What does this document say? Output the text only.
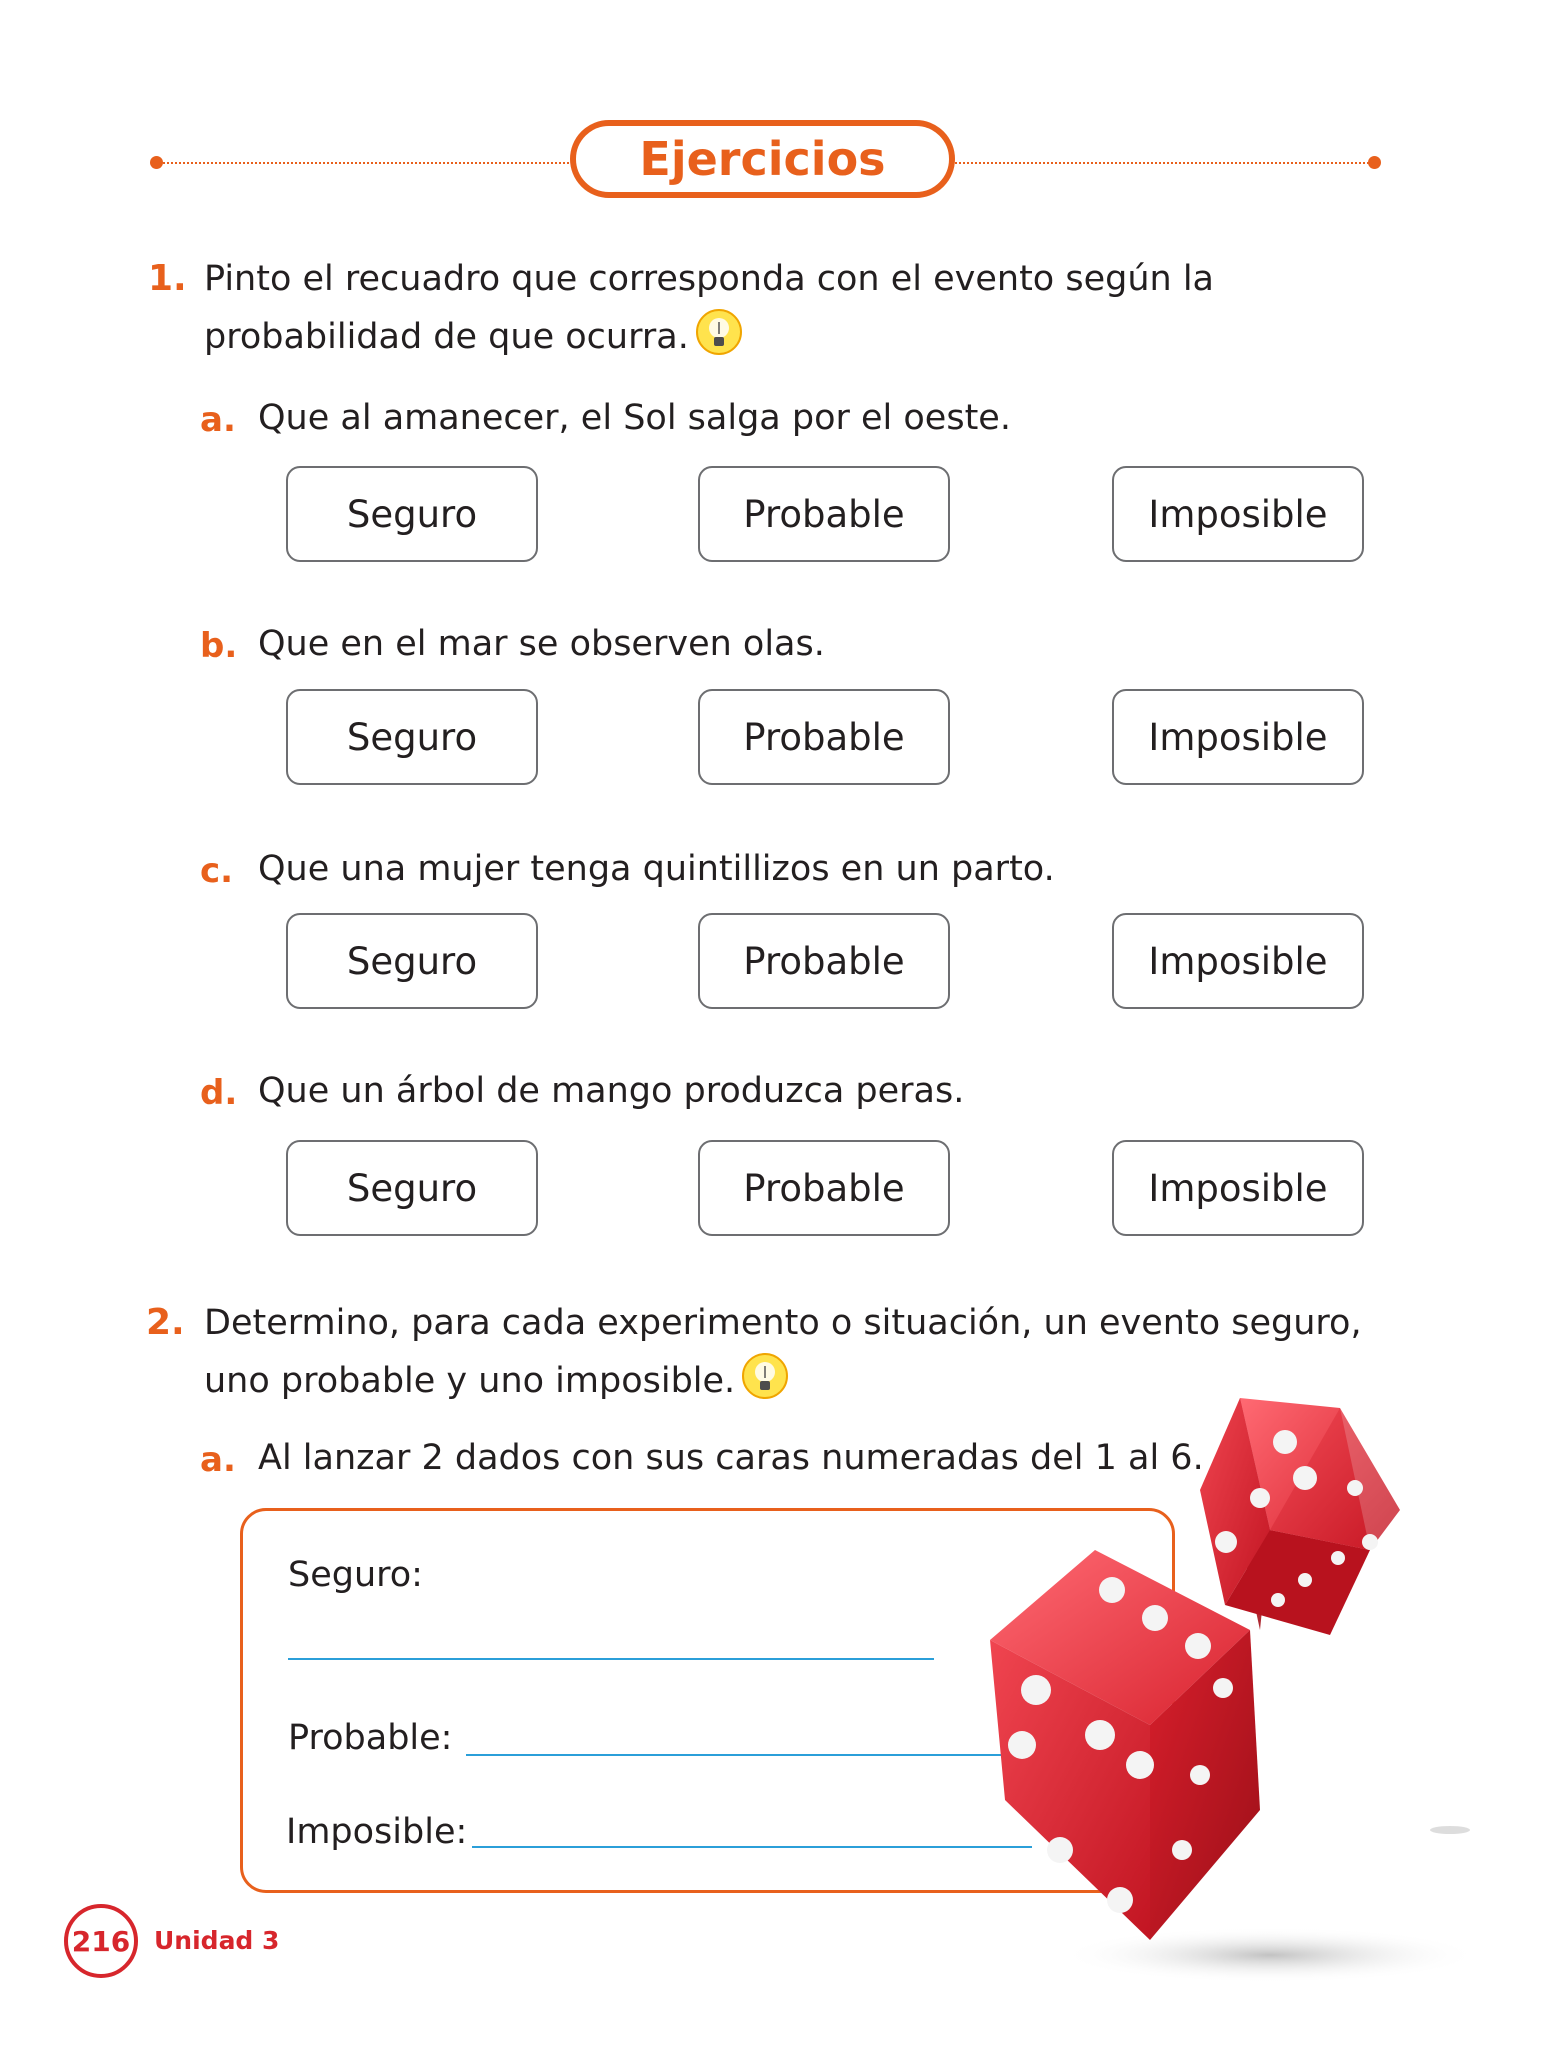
Ejercicios
1. Pinto el recuadro que corresponda con el evento según la
probabilidad de que ocurra.
a. Que al amanecer, el Sol salga por el oeste.
Seguro	Probable	Imposible
b. Que en el mar se observen olas.
Seguro	Probable	Imposible
c. Que una mujer tenga quintillizos en un parto.
Seguro	Probable	Imposible
d. Que un árbol de mango produzca peras.
Seguro	Probable	Imposible
2. Determino, para cada experimento o situación, un evento seguro,
uno probable y uno imposible.
a. Al lanzar 2 dados con sus caras numeradas del 1 al 6.
Seguro:
Probable:
Imposible:
216 Unidad 3
